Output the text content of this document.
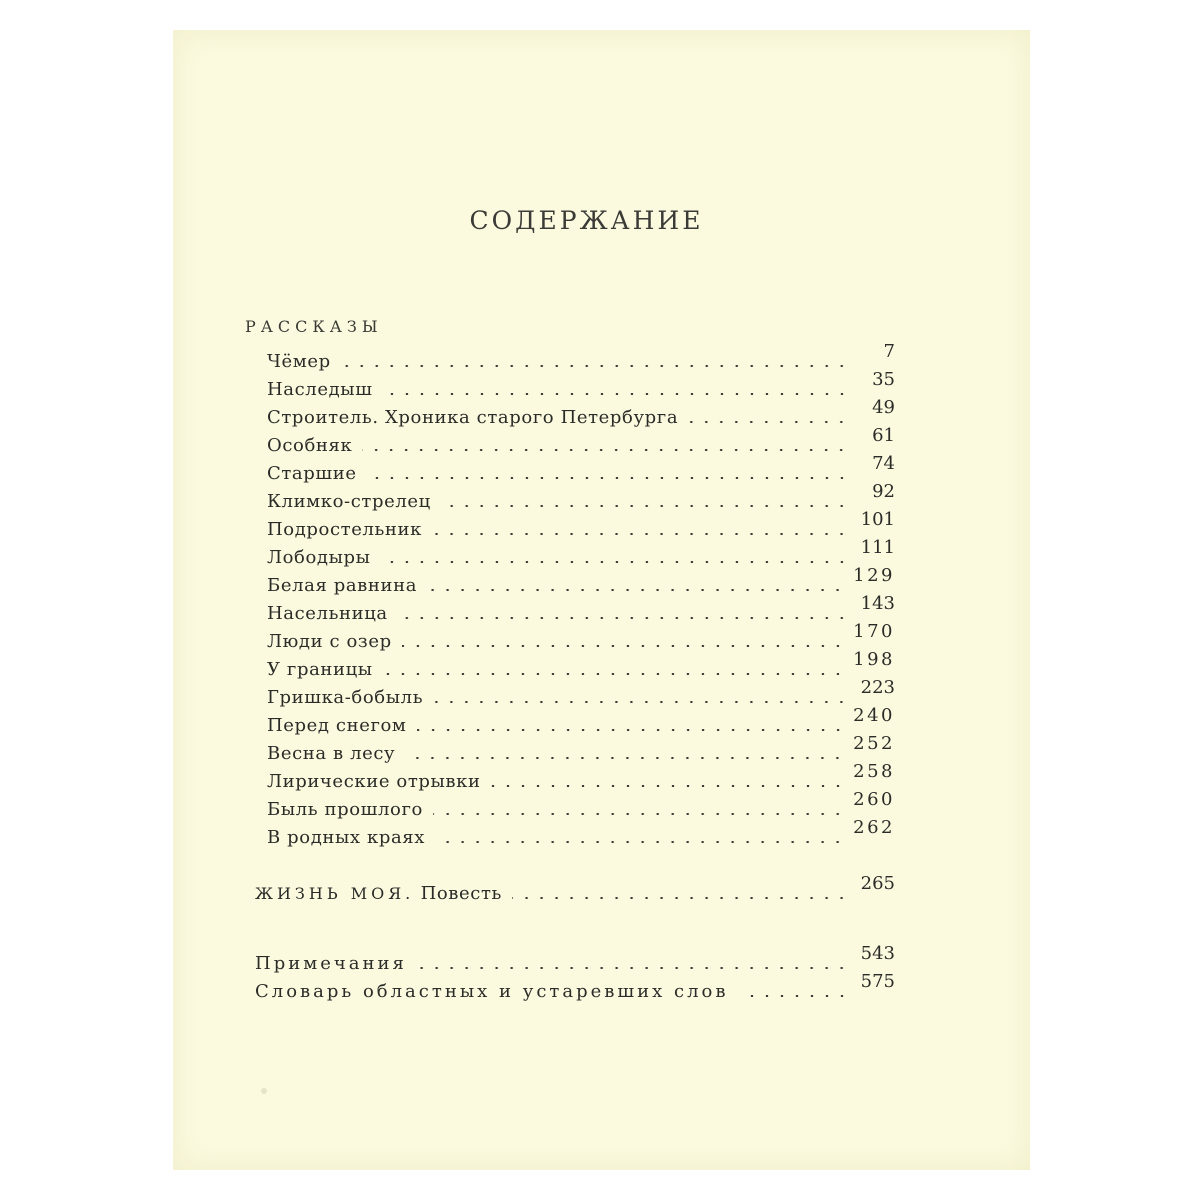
СОДЕРЖАНИЕ
РАССКАЗЫ
Чёмер	7
Наследыш	35
Строитель. Хроника старого Петербурга	49
Особняк	61
Старшие	74
Климко-стрелец	92
Подростельник	101
Лободыры	111
Белая равнина	129
Насельница	143
Люди с озер	170
У границы	198
Гришка-бобыль	223
Перед снегом	240
Весна в лесу	252
Лирические отрывки	258
Быль прошлого	260
В родных краях	262
ЖИЗНЬ МОЯ. Повесть	265
Примечания	543
Словарь областных и устаревших слов	575
